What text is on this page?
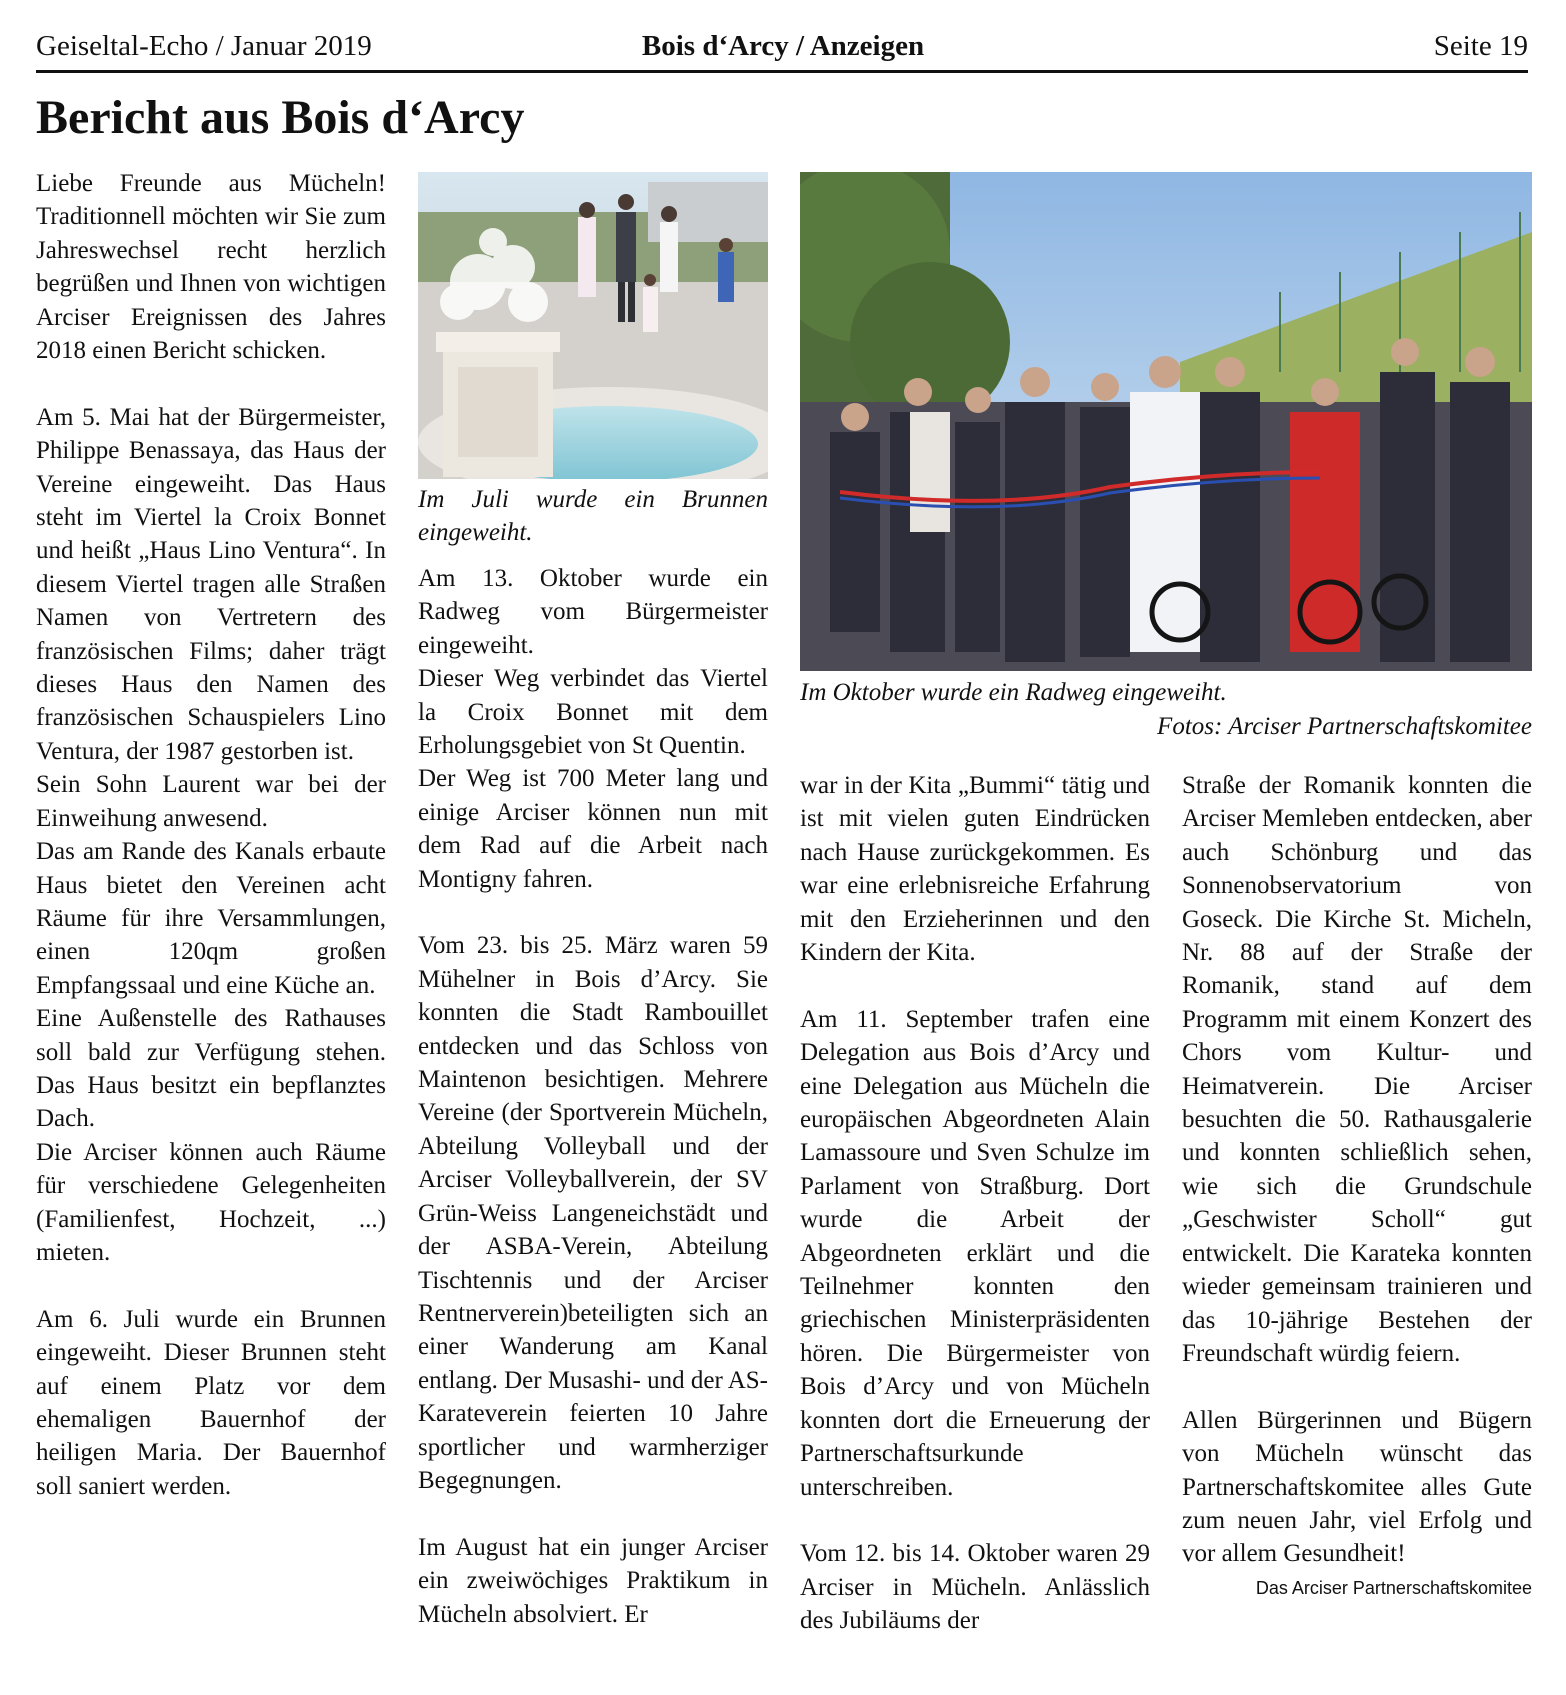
Geiseltal-Echo / Januar 2019	Bois d‘Arcy / Anzeigen	Seite 19
Bericht aus Bois d‘Arcy

Liebe Freunde aus Mücheln! Traditionnell möchten wir Sie zum Jahreswechsel recht herzlich begrüßen und Ihnen von wichtigen Arciser Ereignissen des Jahres 2018 einen Bericht schicken.

Am 5. Mai hat der Bürgermeister, Philippe Benassaya, das Haus der Vereine eingeweiht. Das Haus steht im Viertel la Croix Bonnet und heißt „Haus Lino Ventura“. In diesem Viertel tragen alle Straßen Namen von Vertretern des französischen Films; daher trägt dieses Haus den Namen des französischen Schauspielers Lino Ventura, der 1987 gestorben ist.

Sein Sohn Laurent war bei der Einweihung anwesend.

Das am Rande des Kanals erbaute Haus bietet den Vereinen acht Räume für ihre Versammlungen, einen 120qm großen Empfangssaal und eine Küche an.

Eine Außenstelle des Rathauses soll bald zur Verfügung stehen. Das Haus besitzt ein bepflanztes Dach.

Die Arciser können auch Räume für verschiedene Gelegenheiten (Familienfest, Hochzeit, ...) mieten.

Am 6. Juli wurde ein Brunnen eingeweiht. Dieser Brunnen steht auf einem Platz vor dem ehemaligen Bauernhof der heiligen Maria. Der Bauernhof soll saniert werden.

Im Juli wurde ein Brunnen eingeweiht.
Im Oktober wurde ein Radweg eingeweiht.
Fotos: Arciser Partnerschaftskomitee

Am 13. Oktober wurde ein Radweg vom Bürgermeister eingeweiht.

Dieser Weg verbindet das Viertel la Croix Bonnet mit dem Erholungsgebiet von St Quentin.

Der Weg ist 700 Meter lang und einige Arciser können nun mit dem Rad auf die Arbeit nach Montigny fahren.

Vom 23. bis 25. März waren 59 Mühelner in Bois d’Arcy. Sie konnten die Stadt Rambouillet entdecken und das Schloss von Maintenon besichtigen. Mehrere Vereine (der Sportverein Mücheln, Abteilung Volleyball und der Arciser Volleyballverein, der SV Grün-Weiss Langeneichstädt und der ASBA-Verein, Abteilung Tischtennis und der Arciser Rentnerverein)beteiligten sich an einer Wanderung am Kanal entlang. Der Musashi- und der AS-Karateverein feierten 10 Jahre sportlicher und warmherziger Begegnungen.

Im August hat ein junger Arciser ein zweiwöchiges Praktikum in Mücheln absolviert. Er

war in der Kita „Bummi“ tätig und ist mit vielen guten Eindrücken nach Hause zurückgekommen. Es war eine erlebnisreiche Erfahrung mit den Erzieherinnen und den Kindern der Kita.

Am 11. September trafen eine Delegation aus Bois d’Arcy und eine Delegation aus Mücheln die europäischen Abgeordneten Alain Lamassoure und Sven Schulze im Parlament von Straßburg. Dort wurde die Arbeit der Abgeordneten erklärt und die Teilnehmer konnten den griechischen Ministerpräsidenten hören. Die Bürgermeister von Bois d’Arcy und von Mücheln konnten dort die Erneuerung der Partnerschaftsurkunde unterschreiben.

Vom 12. bis 14. Oktober waren 29 Arciser in Mücheln. Anlässlich des Jubiläums der

Straße der Romanik konnten die Arciser Memleben entdecken, aber auch Schönburg und das Sonnenobservatorium von Goseck. Die Kirche St. Micheln, Nr. 88 auf der Straße der Romanik, stand auf dem Programm mit einem Konzert des Chors vom Kultur- und Heimatverein. Die Arciser besuchten die 50. Rathausgalerie und konnten schließlich sehen, wie sich die Grundschule „Geschwister Scholl“ gut entwickelt. Die Karateka konnten wieder gemeinsam trainieren und das 10-jährige Bestehen der Freundschaft würdig feiern.

Allen Bürgerinnen und Bügern von Mücheln wünscht das Partnerschaftskomitee alles Gute zum neuen Jahr, viel Erfolg und vor allem Gesundheit!

Das Arciser Partnerschaftskomitee
